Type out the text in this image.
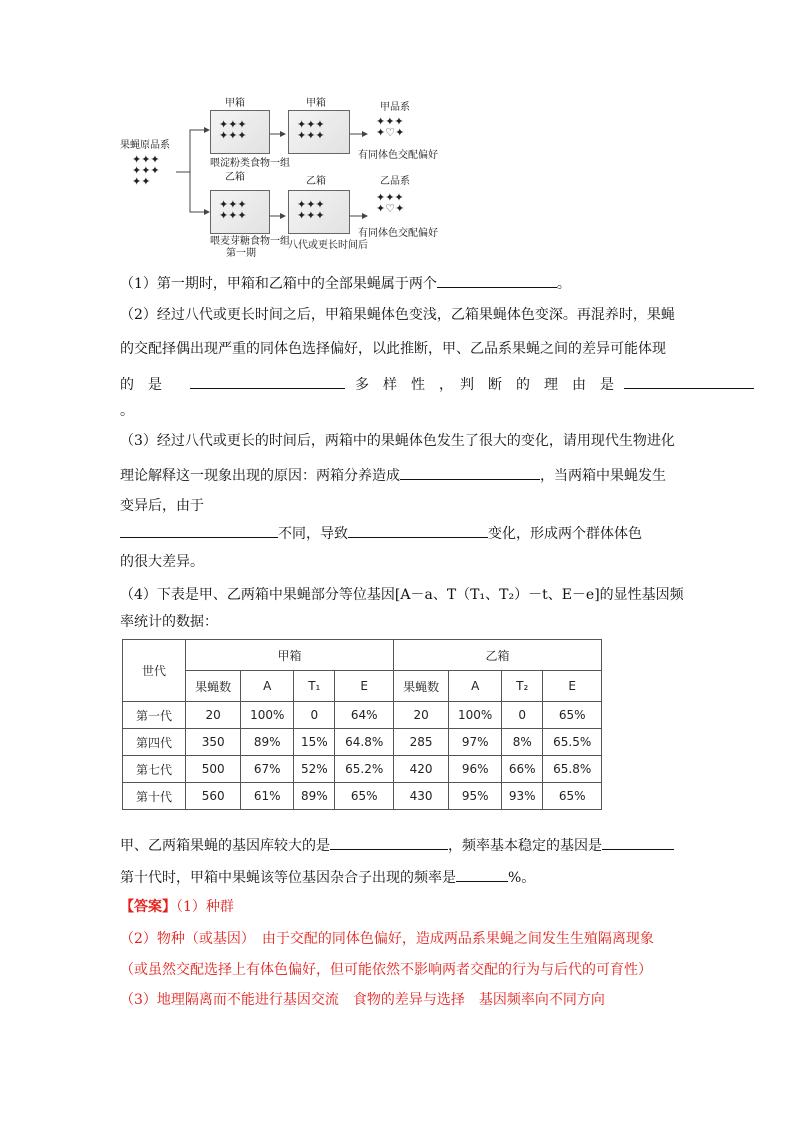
果蝇原品系
✦✦✦
✦✦✦
✦✦
甲箱
✦✦✦
✦✦✦
喂淀粉类食物一组
乙箱
✦✦✦
✦✦✦
喂麦芽糖食物一组
第一期
甲箱
✦✦✦
✦✦✦
乙箱
✦✦✦
✦✦✦
八代或更长时间后
甲品系
✦✦✦
✦♡✦
有同体色交配偏好
乙品系
✦✦✦
✦♡✦
有同体色交配偏好
（1）第一期时，甲箱和乙箱中的全部果蝇属于两个	。
（2）经过八代或更长时间之后，甲箱果蝇体色变浅，乙箱果蝇体色变深。再混养时，果蝇
的交配择偶出现严重的同体色选择偏好，以此推断，甲、乙品系果蝇之间的差异可能体现
的　是	多　样　性　，　判　断　的　理　由　是
。
（3）经过八代或更长的时间后，两箱中的果蝇体色发生了很大的变化，请用现代生物进化
理论解释这一现象出现的原因：两箱分养造成	，当两箱中果蝇发生
变异后，由于
不同，导致	变化，形成两个群体体色
的很大差异。
（4）下表是甲、乙两箱中果蝇部分等位基因[A－a、T（T₁、T₂）－t、E－e]的显性基因频
率统计的数据：
世代	甲箱				乙箱			
	果蝇数	A	T₁	E	果蝇数	A	T₂	E
第一代	20	100%	0	64%	20	100%	0	65%
第四代	350	89%	15%	64.8%	285	97%	8%	65.5%
第七代	500	67%	52%	65.2%	420	96%	66%	65.8%
第十代	560	61%	89%	65%	430	95%	93%	65%
甲、乙两箱果蝇的基因库较大的是	，频率基本稳定的基因是
第十代时，甲箱中果蝇该等位基因杂合子出现的频率是	%。
【答案】（1）种群
（2）物种（或基因）　由于交配的同体色偏好，造成两品系果蝇之间发生生殖隔离现象
（或虽然交配选择上有体色偏好，但可能依然不影响两者交配的行为与后代的可育性）
（3）地理隔离而不能进行基因交流　食物的差异与选择　基因频率向不同方向
